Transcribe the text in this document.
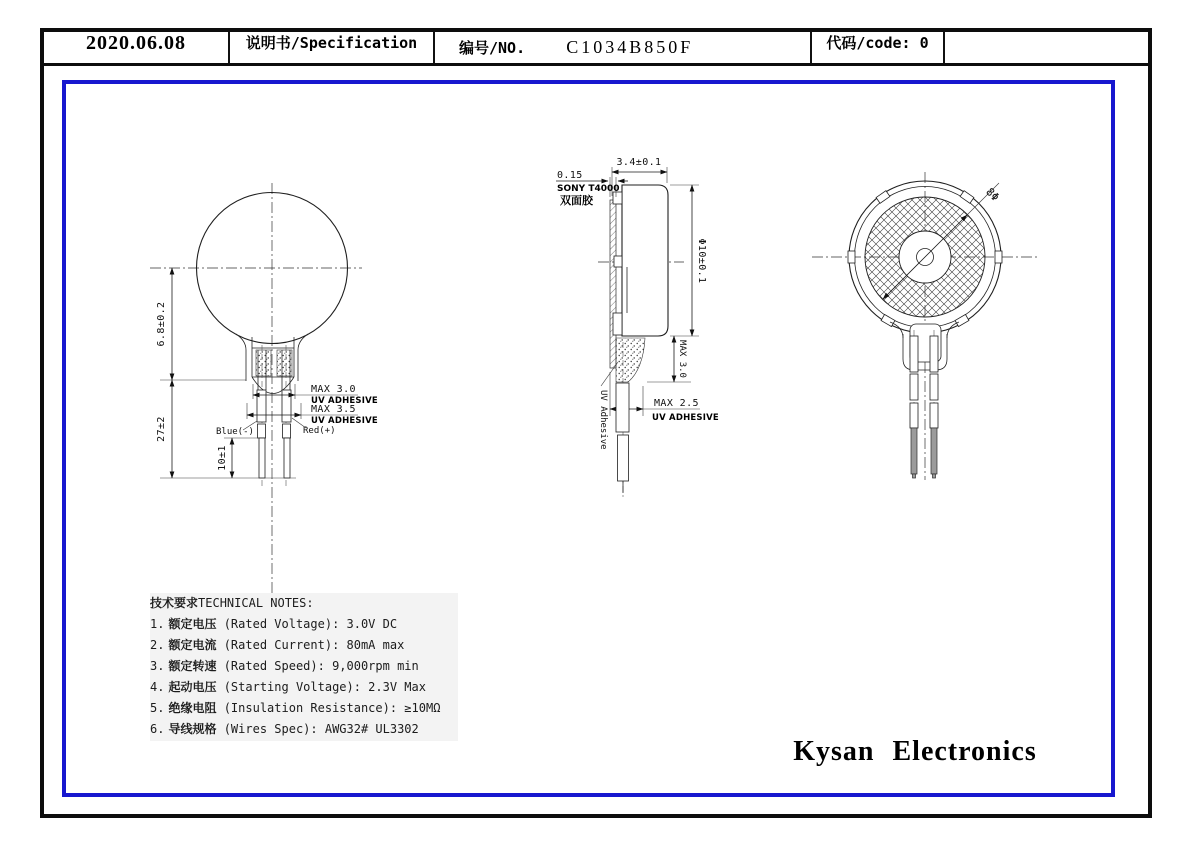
2020.06.08	说明书/Specification	编号/NO. C1034B850F	代码/code: 0
6.8±0.2
27±2
10±1
MAX 3.0
UV ADHESIVE
MAX 3.5
UV ADHESIVE
Blue(-)	Red(+)
3.4±0.1
0.15
SONY T4000
双面胶
Φ10±0.1
MAX 3.0
MAX 2.5
UV ADHESIVE
UV Adhesive
8Φ
技术要求TECHNICAL NOTES:
1. 额定电压 (Rated Voltage): 3.0V DC
2. 额定电流 (Rated Current): 80mA max
3. 额定转速 (Rated Speed): 9,000rpm min
4. 起动电压 (Starting Voltage): 2.3V Max
5. 绝缘电阻 (Insulation Resistance): ≥10MΩ
6. 导线规格 (Wires Spec): AWG32# UL3302
Kysan Electronics
